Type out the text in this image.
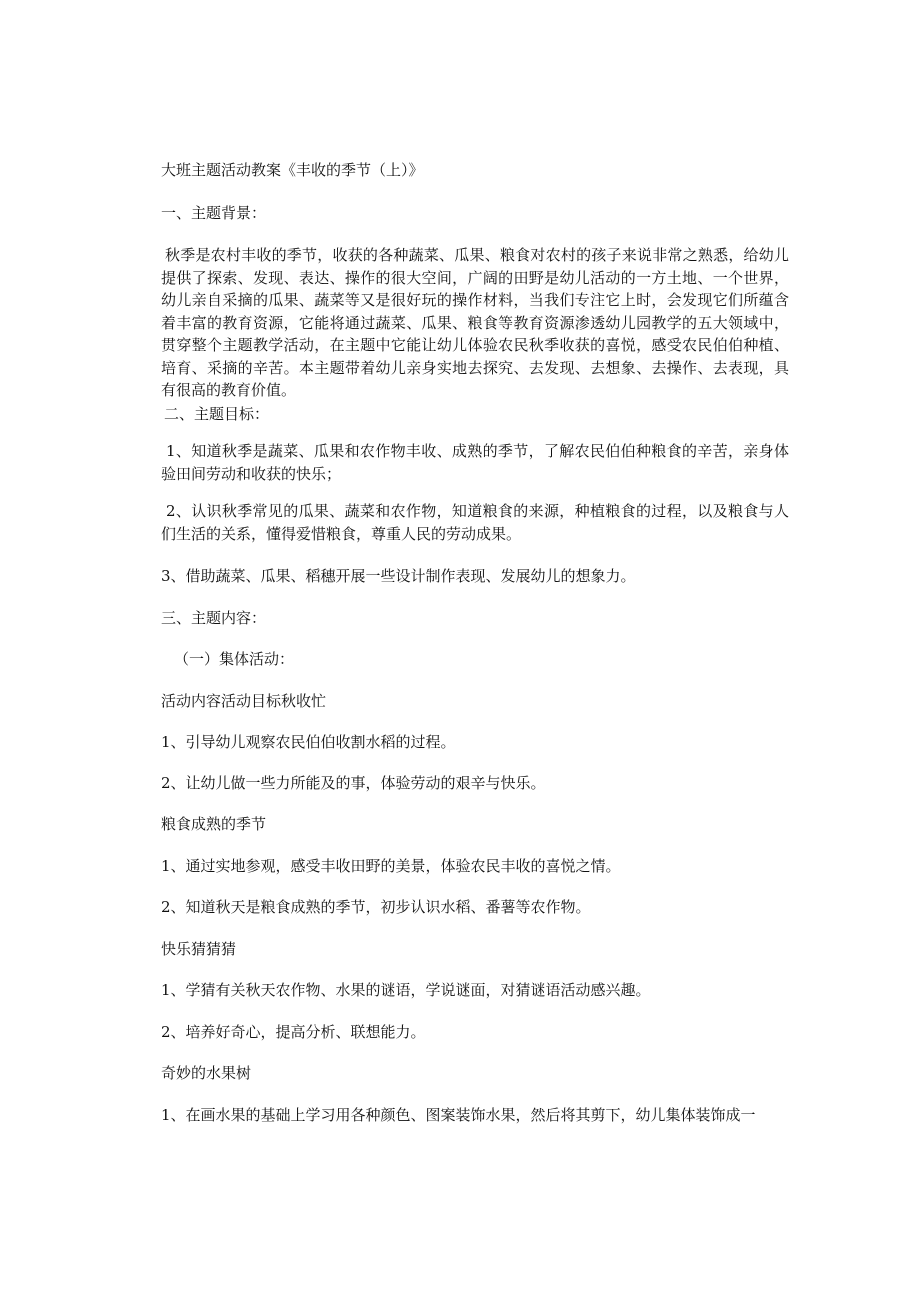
大班主题活动教案《丰收的季节（上）》

一、主题背景：

秋季是农村丰收的季节，收获的各种蔬菜、瓜果、粮食对农村的孩子来说非常之熟悉，给幼儿提供了探索、发现、表达、操作的很大空间，广阔的田野是幼儿活动的一方土地、一个世界，幼儿亲自采摘的瓜果、蔬菜等又是很好玩的操作材料，当我们专注它上时，会发现它们所蕴含着丰富的教育资源，它能将通过蔬菜、瓜果、粮食等教育资源渗透幼儿园教学的五大领域中，贯穿整个主题教学活动，在主题中它能让幼儿体验农民秋季收获的喜悦，感受农民伯伯种植、培育、采摘的辛苦。本主题带着幼儿亲身实地去探究、去发现、去想象、去操作、去表现，具有很高的教育价值。

二、主题目标：

1、知道秋季是蔬菜、瓜果和农作物丰收、成熟的季节，了解农民伯伯种粮食的辛苦，亲身体验田间劳动和收获的快乐；

2、认识秋季常见的瓜果、蔬菜和农作物，知道粮食的来源，种植粮食的过程，以及粮食与人们生活的关系，懂得爱惜粮食，尊重人民的劳动成果。

3、借助蔬菜、瓜果、稻穗开展一些设计制作表现、发展幼儿的想象力。

三、主题内容：

（一）集体活动：

活动内容活动目标秋收忙

1、引导幼儿观察农民伯伯收割水稻的过程。

2、让幼儿做一些力所能及的事，体验劳动的艰辛与快乐。

粮食成熟的季节

1、通过实地参观，感受丰收田野的美景，体验农民丰收的喜悦之情。

2、知道秋天是粮食成熟的季节，初步认识水稻、番薯等农作物。

快乐猜猜猜

1、学猜有关秋天农作物、水果的谜语，学说谜面，对猜谜语活动感兴趣。

2、培养好奇心，提高分析、联想能力。

奇妙的水果树

1、在画水果的基础上学习用各种颜色、图案装饰水果，然后将其剪下，幼儿集体装饰成一
